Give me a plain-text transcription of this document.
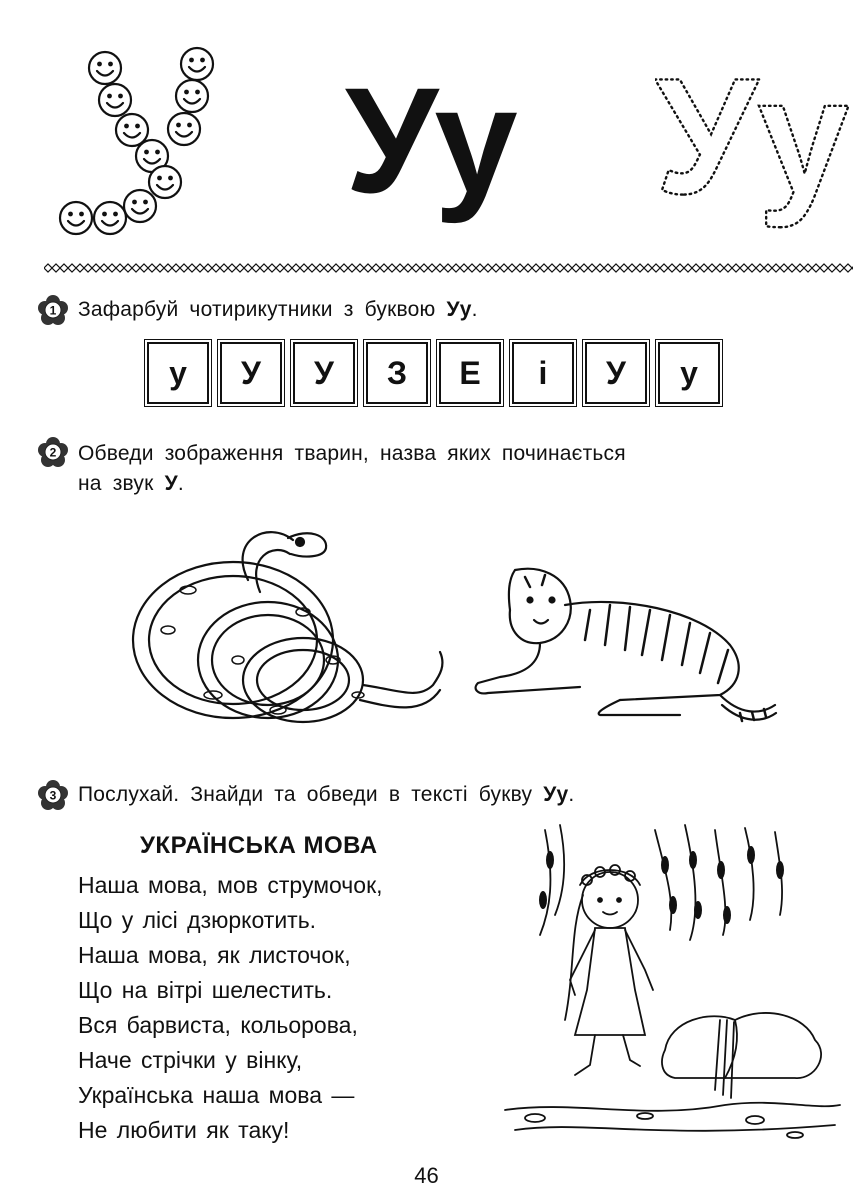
Уу Уу
1 Зафарбуй чотирикутники з буквою Уу.
у	У	У	З	Е	і	У	у
2 Обведи зображення тварин, назва яких починається
на звук У.
3 Послухай. Знайди та обведи в тексті букву Уу.
УКРАЇНСЬКА МОВА
Наша мова, мов струмочок,
Що у лісі дзюркотить.
Наша мова, як листочок,
Що на вітрі шелестить.
Вся барвиста, кольорова,
Наче стрічки у вінку,
Українська наша мова —
Не любити як таку!
46
